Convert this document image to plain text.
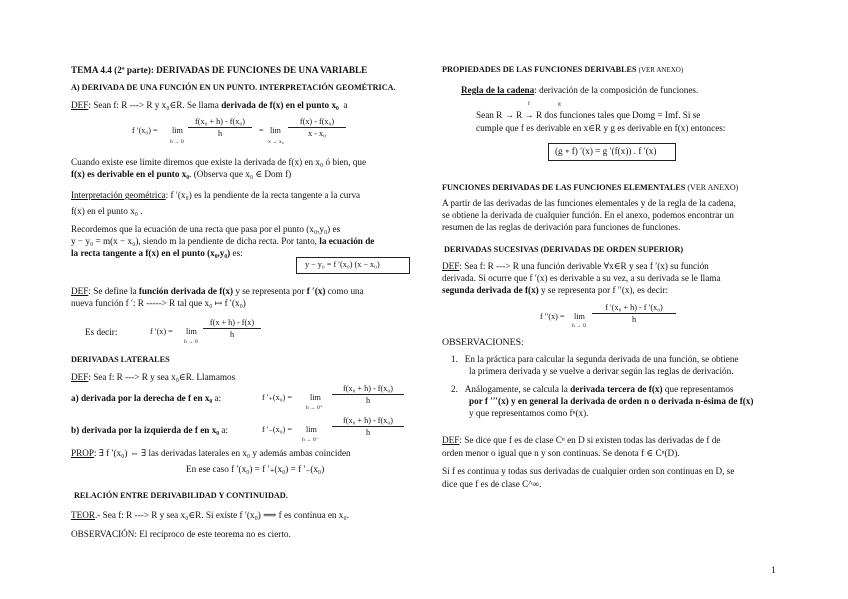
TEMA 4.4 (2ª parte): DERIVADAS DE FUNCIONES DE UNA VARIABLE
A) DERIVADA DE UNA FUNCIÓN EN UN PUNTO. INTERPRETACIÓN GEOMÉTRICA.
DEF: Sean f: R ---> R y x₀∈R. Se llama derivada de f(x) en el punto x₀ a
f ′(x₀) = lim
h → 0
$\frac{\text{f(x₀ + h) - f(x₀)}}{h} = \lim$
x → x₀
$\frac{\text{f(x) - f(x₀)}}{\text{x - x₀}}$
Cuando existe ese límite diremos que existe la derivada de f(x) en x₀ ó bien, que
f(x) es derivable en el punto x₀. (Observa que x₀ ∈ Dom f)
Interpretación geométrica: f ′(x₀) es la pendiente de la recta tangente a la curva
f(x) en el punto x₀ .
Recordemos que la ecuación de una recta que pasa por el punto (x₀,y₀) es
y − y₀ = m(x − x₀), siendo m la pendiente de dicha recta. Por tanto, la ecuación de
la recta tangente a f(x) en el punto (x₀,y₀) es:
y − y₀ = f ′(x₀) (x − x₀)
DEF: Se define la función derivada de f(x) y se representa por f ′(x) como una
nueva función f ′: R -----> R tal que x₀ ↦ f ′(x₀)
Es decir:	f ′(x) = lim
h → 0
$\frac{f(x + h) - f(x)}{h}$
DERIVADAS LATERALES
DEF: Sea f: R ---> R y sea x₀∈R. Llamamos
a) derivada por la derecha de f en x₀ a:	f ′₊(x₀) = lim
h → 0⁺
$\frac{\text{f(x₀ + h) - f(x₀)}}{h}$
b) derivada por la izquierda de f en x₀ a:	f ′₋(x₀) = lim
h → 0⁻
$\frac{\text{f(x₀ + h) - f(x₀)}}{h}$
PROP: ∃ f ′(x₀) ⇔ ∃ las derivadas laterales en x₀ y además ambas coinciden
En ese caso f ′(x₀) = f ′₊(x₀) = f ′₋(x₀)
RELACIÓN ENTRE DERIVABILIDAD Y CONTINUIDAD.
TEOR.- Sea f: R ---> R y sea x₀∈R. Si existe f ′(x₀) ⟹ f es continua en x₀.
OBSERVACIÓN: El recíproco de este teorema no es cierto.
PROPIEDADES DE LAS FUNCIONES DERIVABLES (VER ANEXO)
Regla de la cadena: derivación de la composición de funciones.
f	g
Sean R → R → R dos funciones tales que Domg = Imf. Si se
cumple que f es derivable en x∈R y g es derivable en f(x) entonces:
(g ∘ f) ′(x) = g ′(f(x)) . f ′(x)
FUNCIONES DERIVADAS DE LAS FUNCIONES ELEMENTALES (VER ANEXO)
A partir de las derivadas de las funciones elementales y de la regla de la cadena,
se obtiene la derivada de cualquier función. En el anexo, podemos encontrar un
resumen de las reglas de derivación para funciones de funciones.
DERIVADAS SUCESIVAS (DERIVADAS DE ORDEN SUPERIOR)
DEF: Sea f: R ---> R una función derivable ∀x∈R y sea f ′(x) su función
derivada. Si ocurre que f ′(x) es derivable a su vez, a su derivada se le llama
segunda derivada de f(x) y se representa por f ′′(x), es decir:
f ′′(x) = lim
h → 0
$\frac{\text{f ′(x₀ + h) - f ′(x₀)}}{h}$
OBSERVACIONES:
1. En la práctica para calcular la segunda derivada de una función, se obtiene
la primera derivada y se vuelve a derivar según las reglas de derivación.
2. Análogamente, se calcula la derivada tercera de f(x) que representamos
por f ′′′(x) y en general la derivada de orden n o derivada n-ésima de f(x)
y que representamos como fⁿ(x).
DEF: Se dice que f es de clase Cⁿ en D si existen todas las derivadas de f de
orden menor o igual que n y son continuas. Se denota f ∈ Cⁿ(D).
Si f es continua y todas sus derivadas de cualquier orden son continuas en D, se
dice que f es de clase C^∞.
1
